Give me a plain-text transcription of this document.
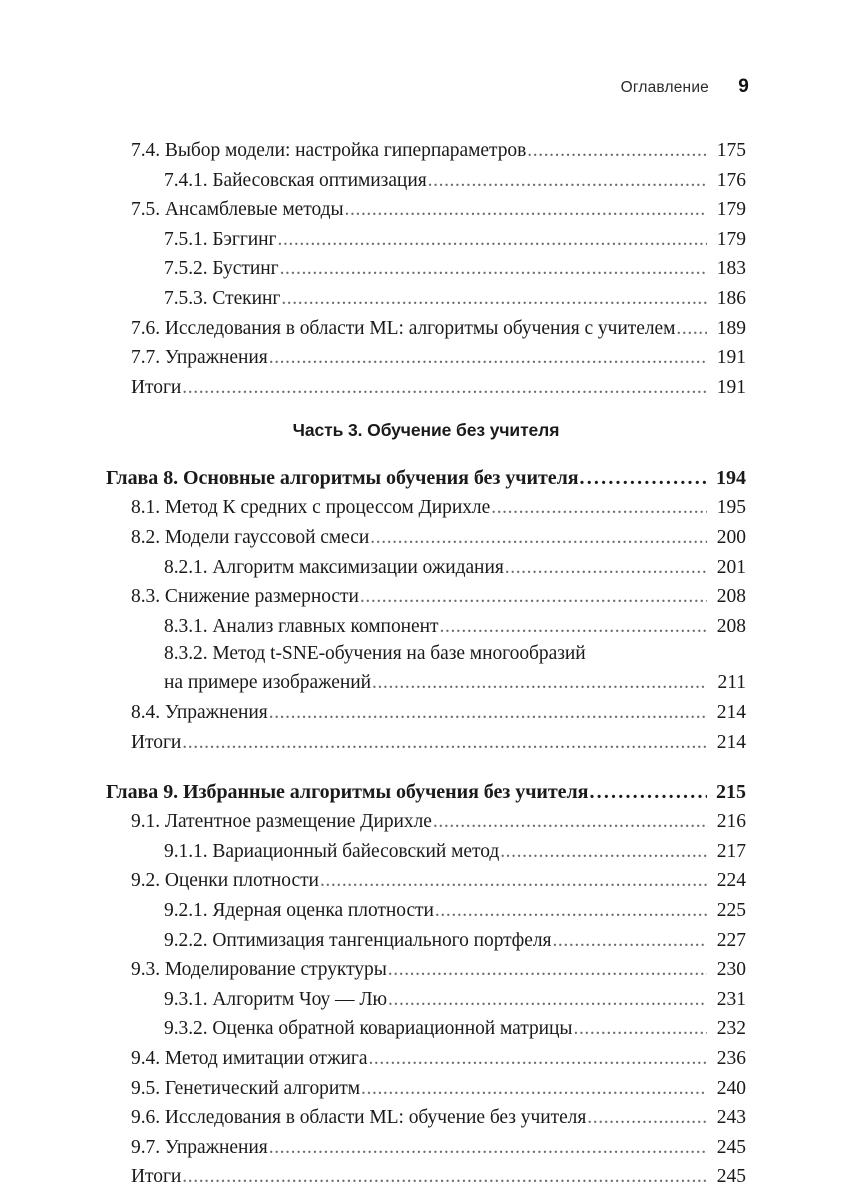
Оглавление 9
7.4. Выбор модели: настройка гиперпараметров .....	175
7.4.1. Байесовская оптимизация .....	176
7.5. Ансамблевые методы .....	179
7.5.1. Бэггинг .....	179
7.5.2. Бустинг .....	183
7.5.3. Стекинг .....	186
7.6. Исследования в области ML: алгоритмы обучения с учителем .....	189
7.7. Упражнения .....	191
Итоги .....	191
Часть 3. Обучение без учителя
Глава 8. Основные алгоритмы обучения без учителя .....	194
8.1. Метод К средних с процессом Дирихле .....	195
8.2. Модели гауссовой смеси .....	200
8.2.1. Алгоритм максимизации ожидания .....	201
8.3. Снижение размерности .....	208
8.3.1. Анализ главных компонент .....	208
8.3.2. Метод t-SNE-обучения на базе многообразий
на примере изображений .....	211
8.4. Упражнения .....	214
Итоги .....	214
Глава 9. Избранные алгоритмы обучения без учителя .....	215
9.1. Латентное размещение Дирихле .....	216
9.1.1. Вариационный байесовский метод .....	217
9.2. Оценки плотности .....	224
9.2.1. Ядерная оценка плотности .....	225
9.2.2. Оптимизация тангенциального портфеля .....	227
9.3. Моделирование структуры .....	230
9.3.1. Алгоритм Чоу — Лю .....	231
9.3.2. Оценка обратной ковариационной матрицы .....	232
9.4. Метод имитации отжига .....	236
9.5. Генетический алгоритм .....	240
9.6. Исследования в области ML: обучение без учителя .....	243
9.7. Упражнения .....	245
Итоги .....	245
